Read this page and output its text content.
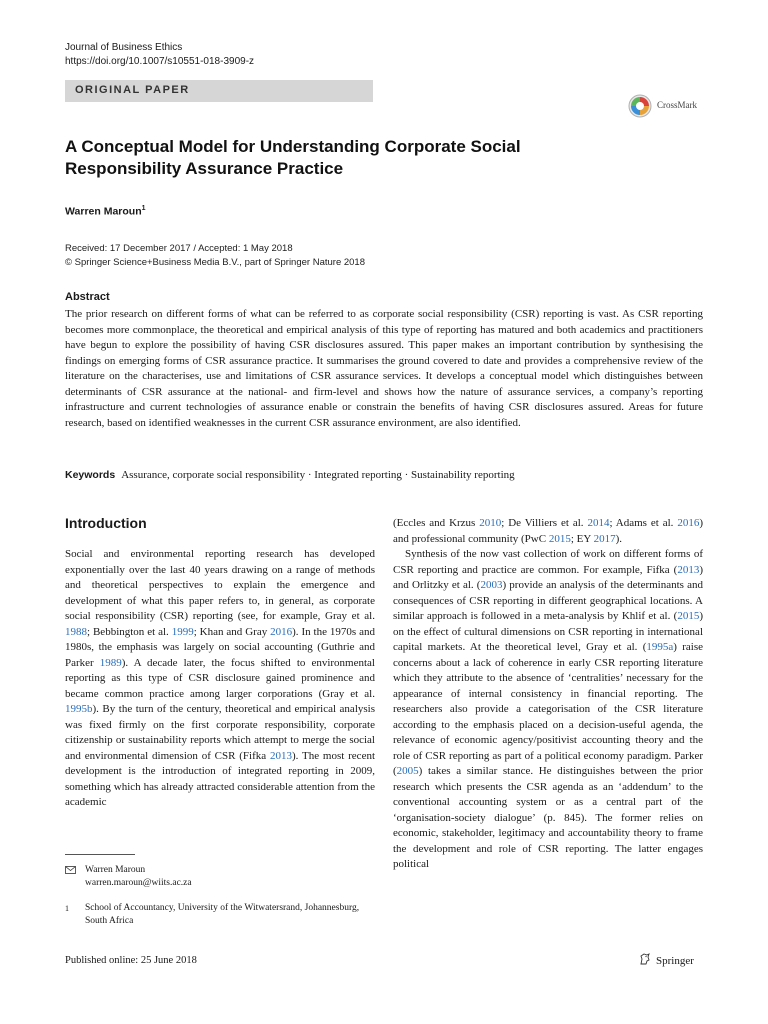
Journal of Business Ethics
https://doi.org/10.1007/s10551-018-3909-z
ORIGINAL PAPER
CrossMark
A Conceptual Model for Understanding Corporate Social Responsibility Assurance Practice
Warren Maroun$^1$
Received: 17 December 2017 / Accepted: 1 May 2018
© Springer Science+Business Media B.V., part of Springer Nature 2018
Abstract
The prior research on different forms of what can be referred to as corporate social responsibility (CSR) reporting is vast. As CSR reporting becomes more commonplace, the theoretical and empirical analysis of this type of reporting has matured and both academics and practitioners have begun to explore the possibility of having CSR disclosures assured. This paper makes an important contribution by synthesising the findings on emerging forms of CSR assurance practice. It summarises the ground covered to date and provides a comprehensive review of the literature on the characterises, use and limitations of CSR assurance services. It develops a conceptual model which distinguishes between determinants of CSR assurance at the national- and firm-level and shows how the nature of assurance services, a company’s reporting infrastructure and current technologies of assurance enable or constrain the benefits of having CSR disclosures assured. Areas for future research, based on identified weaknesses in the current CSR assurance environment, are also identified.
Keywords Assurance, corporate social responsibility · Integrated reporting · Sustainability reporting
Introduction

Social and environmental reporting research has developed exponentially over the last 40 years drawing on a range of methods and theoretical perspectives to explain the emergence and development of what this paper refers to, in general, as corporate social responsibility (CSR) reporting (see, for example, Gray et al. 1988; Bebbington et al. 1999; Khan and Gray 2016). In the 1970s and 1980s, the emphasis was largely on social accounting (Guthrie and Parker 1989). A decade later, the focus shifted to environmental reporting as this type of CSR disclosure gained prominence and became common practice among larger corporations (Gray et al. 1995b). By the turn of the century, theoretical and empirical analysis was fixed firmly on the first corporate responsibility, corporate citizenship or sustainability reports which attempt to merge the social and environmental dimension of CSR (Fifka 2013). The most recent development is the introduction of integrated reporting in 2009, something which has already attracted considerable attention from the academic

(Eccles and Krzus 2010; De Villiers et al. 2014; Adams et al. 2016) and professional community (PwC 2015; EY 2017).

Synthesis of the now vast collection of work on different forms of CSR reporting and practice are common. For example, Fifka (2013) and Orlitzky et al. (2003) provide an analysis of the determinants and consequences of CSR reporting in different geographical locations. A similar approach is followed in a meta-analysis by Khlif et al. (2015) on the effect of cultural dimensions on CSR reporting in international capital markets. At the theoretical level, Gray et al. (1995a) raise concerns about a lack of coherence in early CSR reporting literature which they attribute to the absence of ‘centralities’ necessary for the appearance of internal consistency in financial reporting. The researchers also provide a categorisation of the CSR literature according to the emphasis placed on a decision-useful agenda, the relevance of economic agency/positivist accounting theory and the role of CSR reporting as part of a political economy paradigm. Parker (2005) takes a similar stance. He distinguishes between the prior research which presents the CSR agenda as an ‘addendum’ to the conventional accounting system or as a central part of the ‘organisation-society dialogue’ (p. 845). The former relies on economic, stakeholder, legitimacy and accountability theory to frame the development and role of CSR reporting. The latter engages political

Warren Maroun
warren.maroun@wiits.ac.za
1 School of Accountancy, University of the Witwatersrand, Johannesburg, South Africa
Published online: 25 June 2018	Springer
